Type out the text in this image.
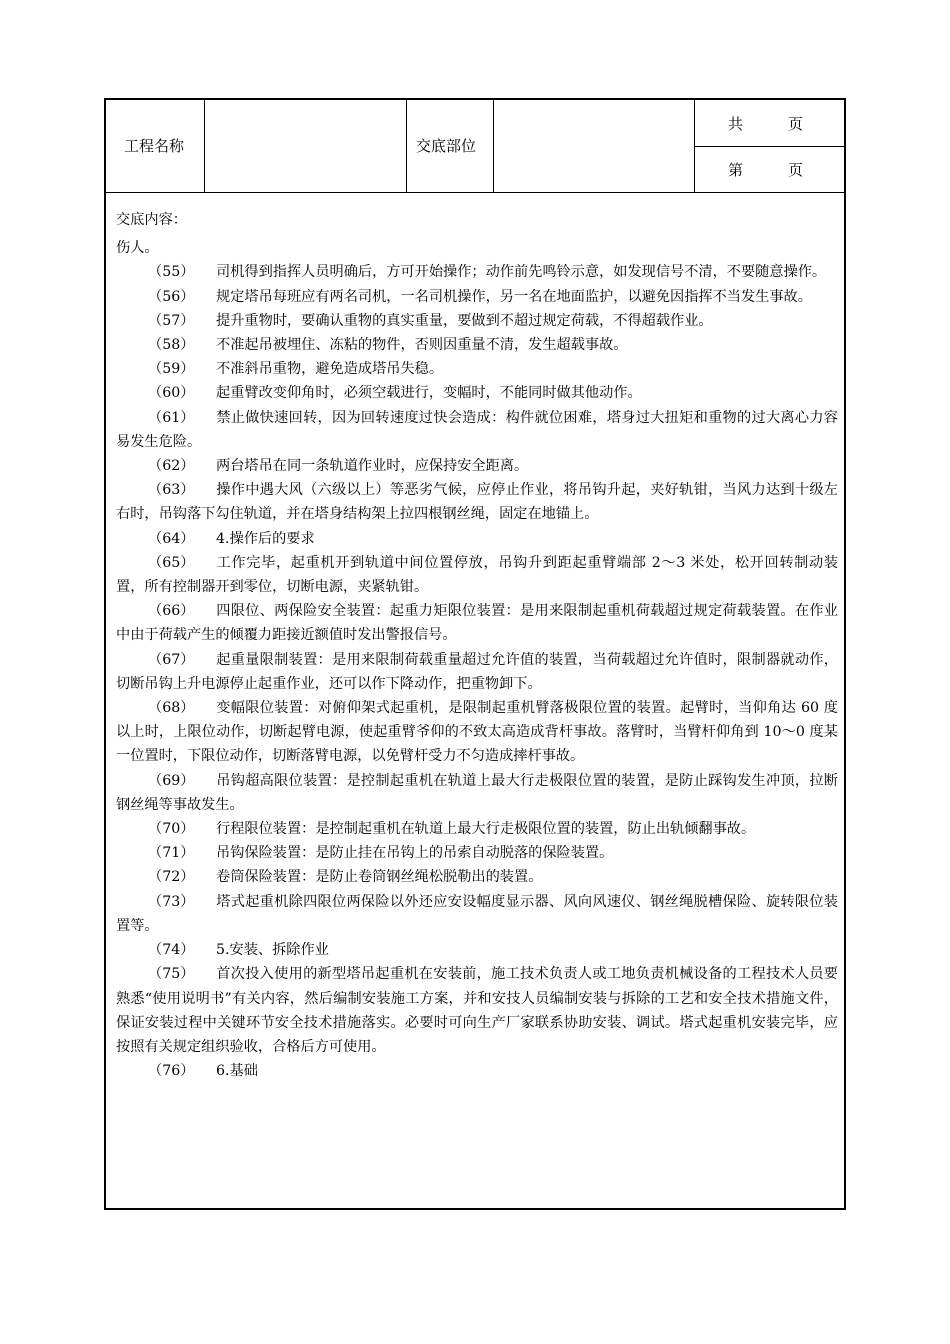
工程名称	交底部位
共　　　页
第　　　页

交底内容：

伤人。

（55） 司机得到指挥人员明确后，方可开始操作；动作前先鸣铃示意，如发现信号不清，不要随意操作。

（56） 规定塔吊每班应有两名司机，一名司机操作，另一名在地面监护，以避免因指挥不当发生事故。

（57） 提升重物时，要确认重物的真实重量，要做到不超过规定荷载，不得超载作业。

（58） 不准起吊被埋住、冻粘的物件，否则因重量不清，发生超载事故。

（59） 不准斜吊重物，避免造成塔吊失稳。

（60） 起重臂改变仰角时，必须空载进行，变幅时，不能同时做其他动作。

（61） 禁止做快速回转，因为回转速度过快会造成：构件就位困难，塔身过大扭矩和重物的过大离心力容易发生危险。

（62） 两台塔吊在同一条轨道作业时，应保持安全距离。

（63） 操作中遇大风（六级以上）等恶劣气候，应停止作业，将吊钩升起，夹好轨钳，当风力达到十级左右时，吊钩落下勾住轨道，并在塔身结构架上拉四根钢丝绳，固定在地锚上。

（64） 4.操作后的要求

（65） 工作完毕，起重机开到轨道中间位置停放，吊钩升到距起重臂端部 2～3 米处，松开回转制动装置，所有控制器开到零位，切断电源，夹紧轨钳。

（66） 四限位、两保险安全装置：起重力矩限位装置：是用来限制起重机荷载超过规定荷载装置。在作业中由于荷载产生的倾覆力距接近额值时发出警报信号。

（67） 起重量限制装置：是用来限制荷载重量超过允许值的装置，当荷载超过允许值时，限制器就动作，切断吊钩上升电源停止起重作业，还可以作下降动作，把重物卸下。

（68） 变幅限位装置：对俯仰架式起重机，是限制起重机臂落极限位置的装置。起臂时，当仰角达 60 度以上时，上限位动作，切断起臂电源，使起重臂爷仰的不致太高造成背杆事故。落臂时，当臂杆仰角到 10～0 度某一位置时，下限位动作，切断落臂电源，以免臂杆受力不匀造成摔杆事故。

（69） 吊钩超高限位装置：是控制起重机在轨道上最大行走极限位置的装置，是防止踩钩发生冲顶，拉断钢丝绳等事故发生。

（70） 行程限位装置：是控制起重机在轨道上最大行走极限位置的装置，防止出轨倾翻事故。

（71） 吊钩保险装置：是防止挂在吊钩上的吊索自动脱落的保险装置。

（72） 卷筒保险装置：是防止卷筒钢丝绳松脱勒出的装置。

（73） 塔式起重机除四限位两保险以外还应安设幅度显示器、风向风速仪、钢丝绳脱槽保险、旋转限位装置等。

（74） 5.安装、拆除作业

（75） 首次投入使用的新型塔吊起重机在安装前，施工技术负责人或工地负责机械设备的工程技术人员要熟悉“使用说明书”有关内容，然后编制安装施工方案，并和安技人员编制安装与拆除的工艺和安全技术措施文件，保证安装过程中关键环节安全技术措施落实。必要时可向生产厂家联系协助安装、调试。塔式起重机安装完毕，应按照有关规定组织验收，合格后方可使用。

（76） 6.基础
